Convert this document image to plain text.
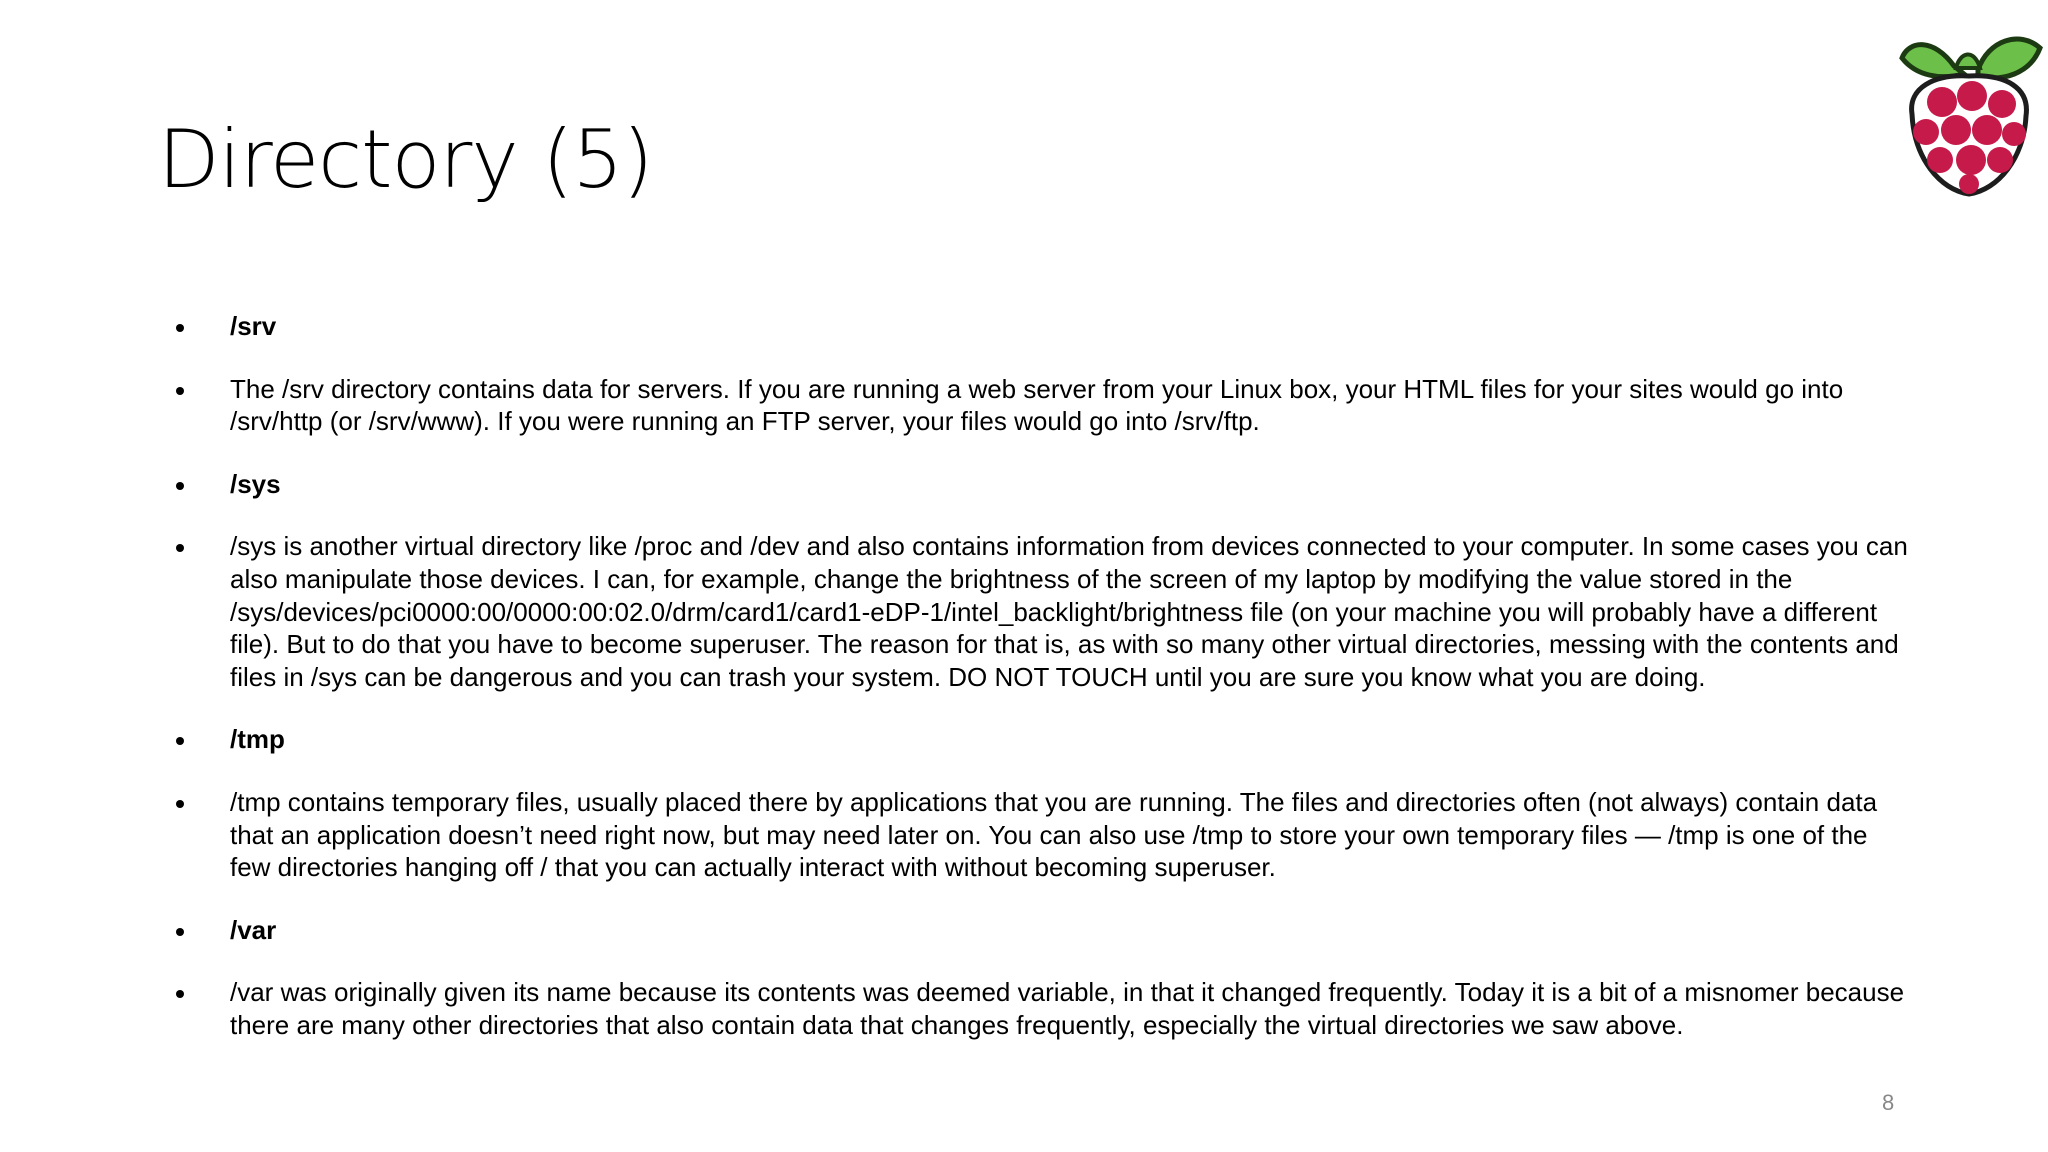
Directory (5)
/srv
The /srv directory contains data for servers. If you are running a web server from your Linux box, your HTML files for your sites would go into /srv/http (or /srv/www). If you were running an FTP server, your files would go into /srv/ftp.
/sys
/sys is another virtual directory like /proc and /dev and also contains information from devices connected to your computer. In some cases you can also manipulate those devices. I can, for example, change the brightness of the screen of my laptop by modifying the value stored in the /sys/devices/pci0000:00/0000:00:02.0/drm/card1/card1-eDP-1/intel_backlight/brightness file (on your machine you will probably have a different file). But to do that you have to become superuser. The reason for that is, as with so many other virtual directories, messing with the contents and files in /sys can be dangerous and you can trash your system. DO NOT TOUCH until you are sure you know what you are doing.
/tmp
/tmp contains temporary files, usually placed there by applications that you are running. The files and directories often (not always) contain data that an application doesn’t need right now, but may need later on. You can also use /tmp to store your own temporary files — /tmp is one of the few directories hanging off / that you can actually interact with without becoming superuser.
/var
/var was originally given its name because its contents was deemed variable, in that it changed frequently. Today it is a bit of a misnomer because there are many other directories that also contain data that changes frequently, especially the virtual directories we saw above.
8
